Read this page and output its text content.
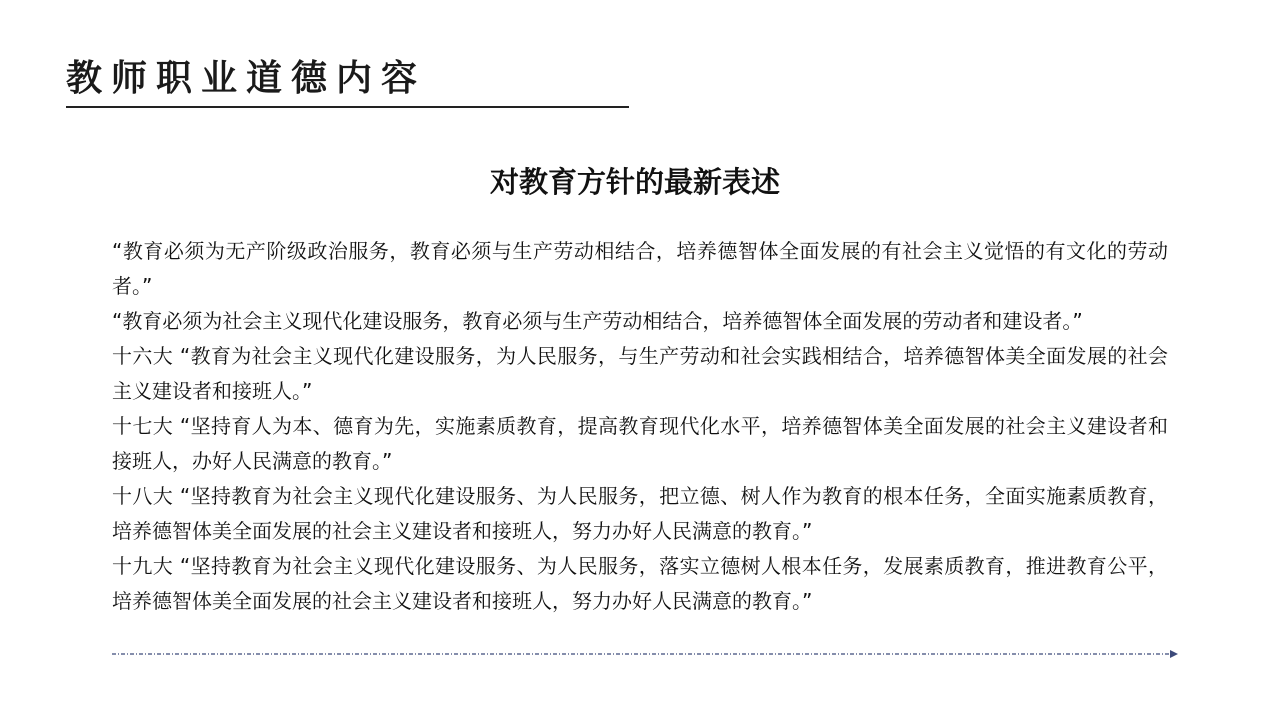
教师职业道德内容
对教育方针的最新表述

“教育必须为无产阶级政治服务，教育必须与生产劳动相结合，培养德智体全面发展的有社会主义觉悟的有文化的劳动者。”

“教育必须为社会主义现代化建设服务，教育必须与生产劳动相结合，培养德智体全面发展的劳动者和建设者。”

十六大 “教育为社会主义现代化建设服务，为人民服务，与生产劳动和社会实践相结合，培养德智体美全面发展的社会主义建设者和接班人。”

十七大 “坚持育人为本、德育为先，实施素质教育，提高教育现代化水平，培养德智体美全面发展的社会主义建设者和接班人，办好人民满意的教育。”

十八大 “坚持教育为社会主义现代化建设服务、为人民服务，把立德、树人作为教育的根本任务，全面实施素质教育，培养德智体美全面发展的社会主义建设者和接班人，努力办好人民满意的教育。”

十九大 “坚持教育为社会主义现代化建设服务、为人民服务，落实立德树人根本任务，发展素质教育，推进教育公平，培养德智体美全面发展的社会主义建设者和接班人，努力办好人民满意的教育。”
